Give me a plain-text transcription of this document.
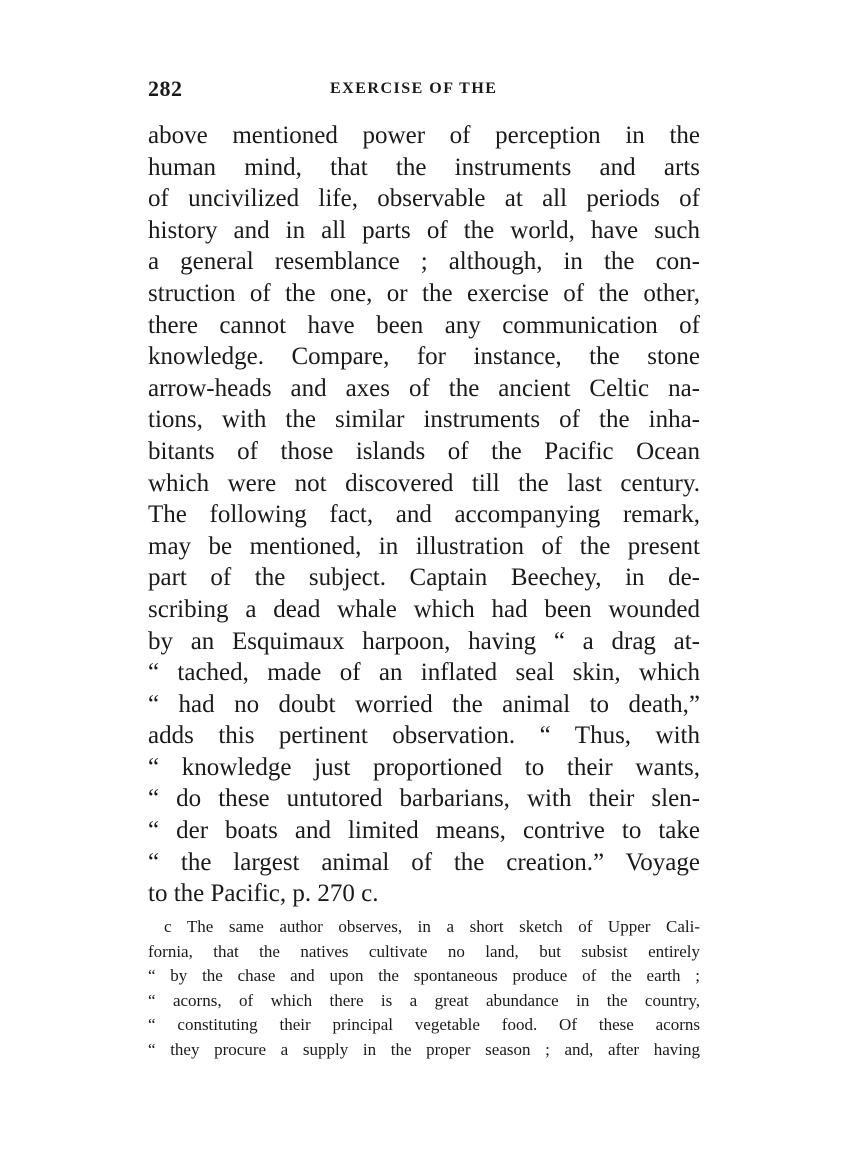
282	EXERCISE OF THE
above mentioned power of perception in the
human mind, that the instruments and arts
of uncivilized life, observable at all periods of
history and in all parts of the world, have such
a general resemblance ; although, in the con-
struction of the one, or the exercise of the other,
there cannot have been any communication of
knowledge. Compare, for instance, the stone
arrow-heads and axes of the ancient Celtic na-
tions, with the similar instruments of the inha-
bitants of those islands of the Pacific Ocean
which were not discovered till the last century.
The following fact, and accompanying remark,
may be mentioned, in illustration of the present
part of the subject. Captain Beechey, in de-
scribing a dead whale which had been wounded
by an Esquimaux harpoon, having “ a drag at-
“ tached, made of an inflated seal skin, which
“ had no doubt worried the animal to death,”
adds this pertinent observation. “ Thus, with
“ knowledge just proportioned to their wants,
“ do these untutored barbarians, with their slen-
“ der boats and limited means, contrive to take
“ the largest animal of the creation.” Voyage
to the Pacific, p. 270 c.
c The same author observes, in a short sketch of Upper Cali-
fornia, that the natives cultivate no land, but subsist entirely
“ by the chase and upon the spontaneous produce of the earth ;
“ acorns, of which there is a great abundance in the country,
“ constituting their principal vegetable food. Of these acorns
“ they procure a supply in the proper season ; and, after having
